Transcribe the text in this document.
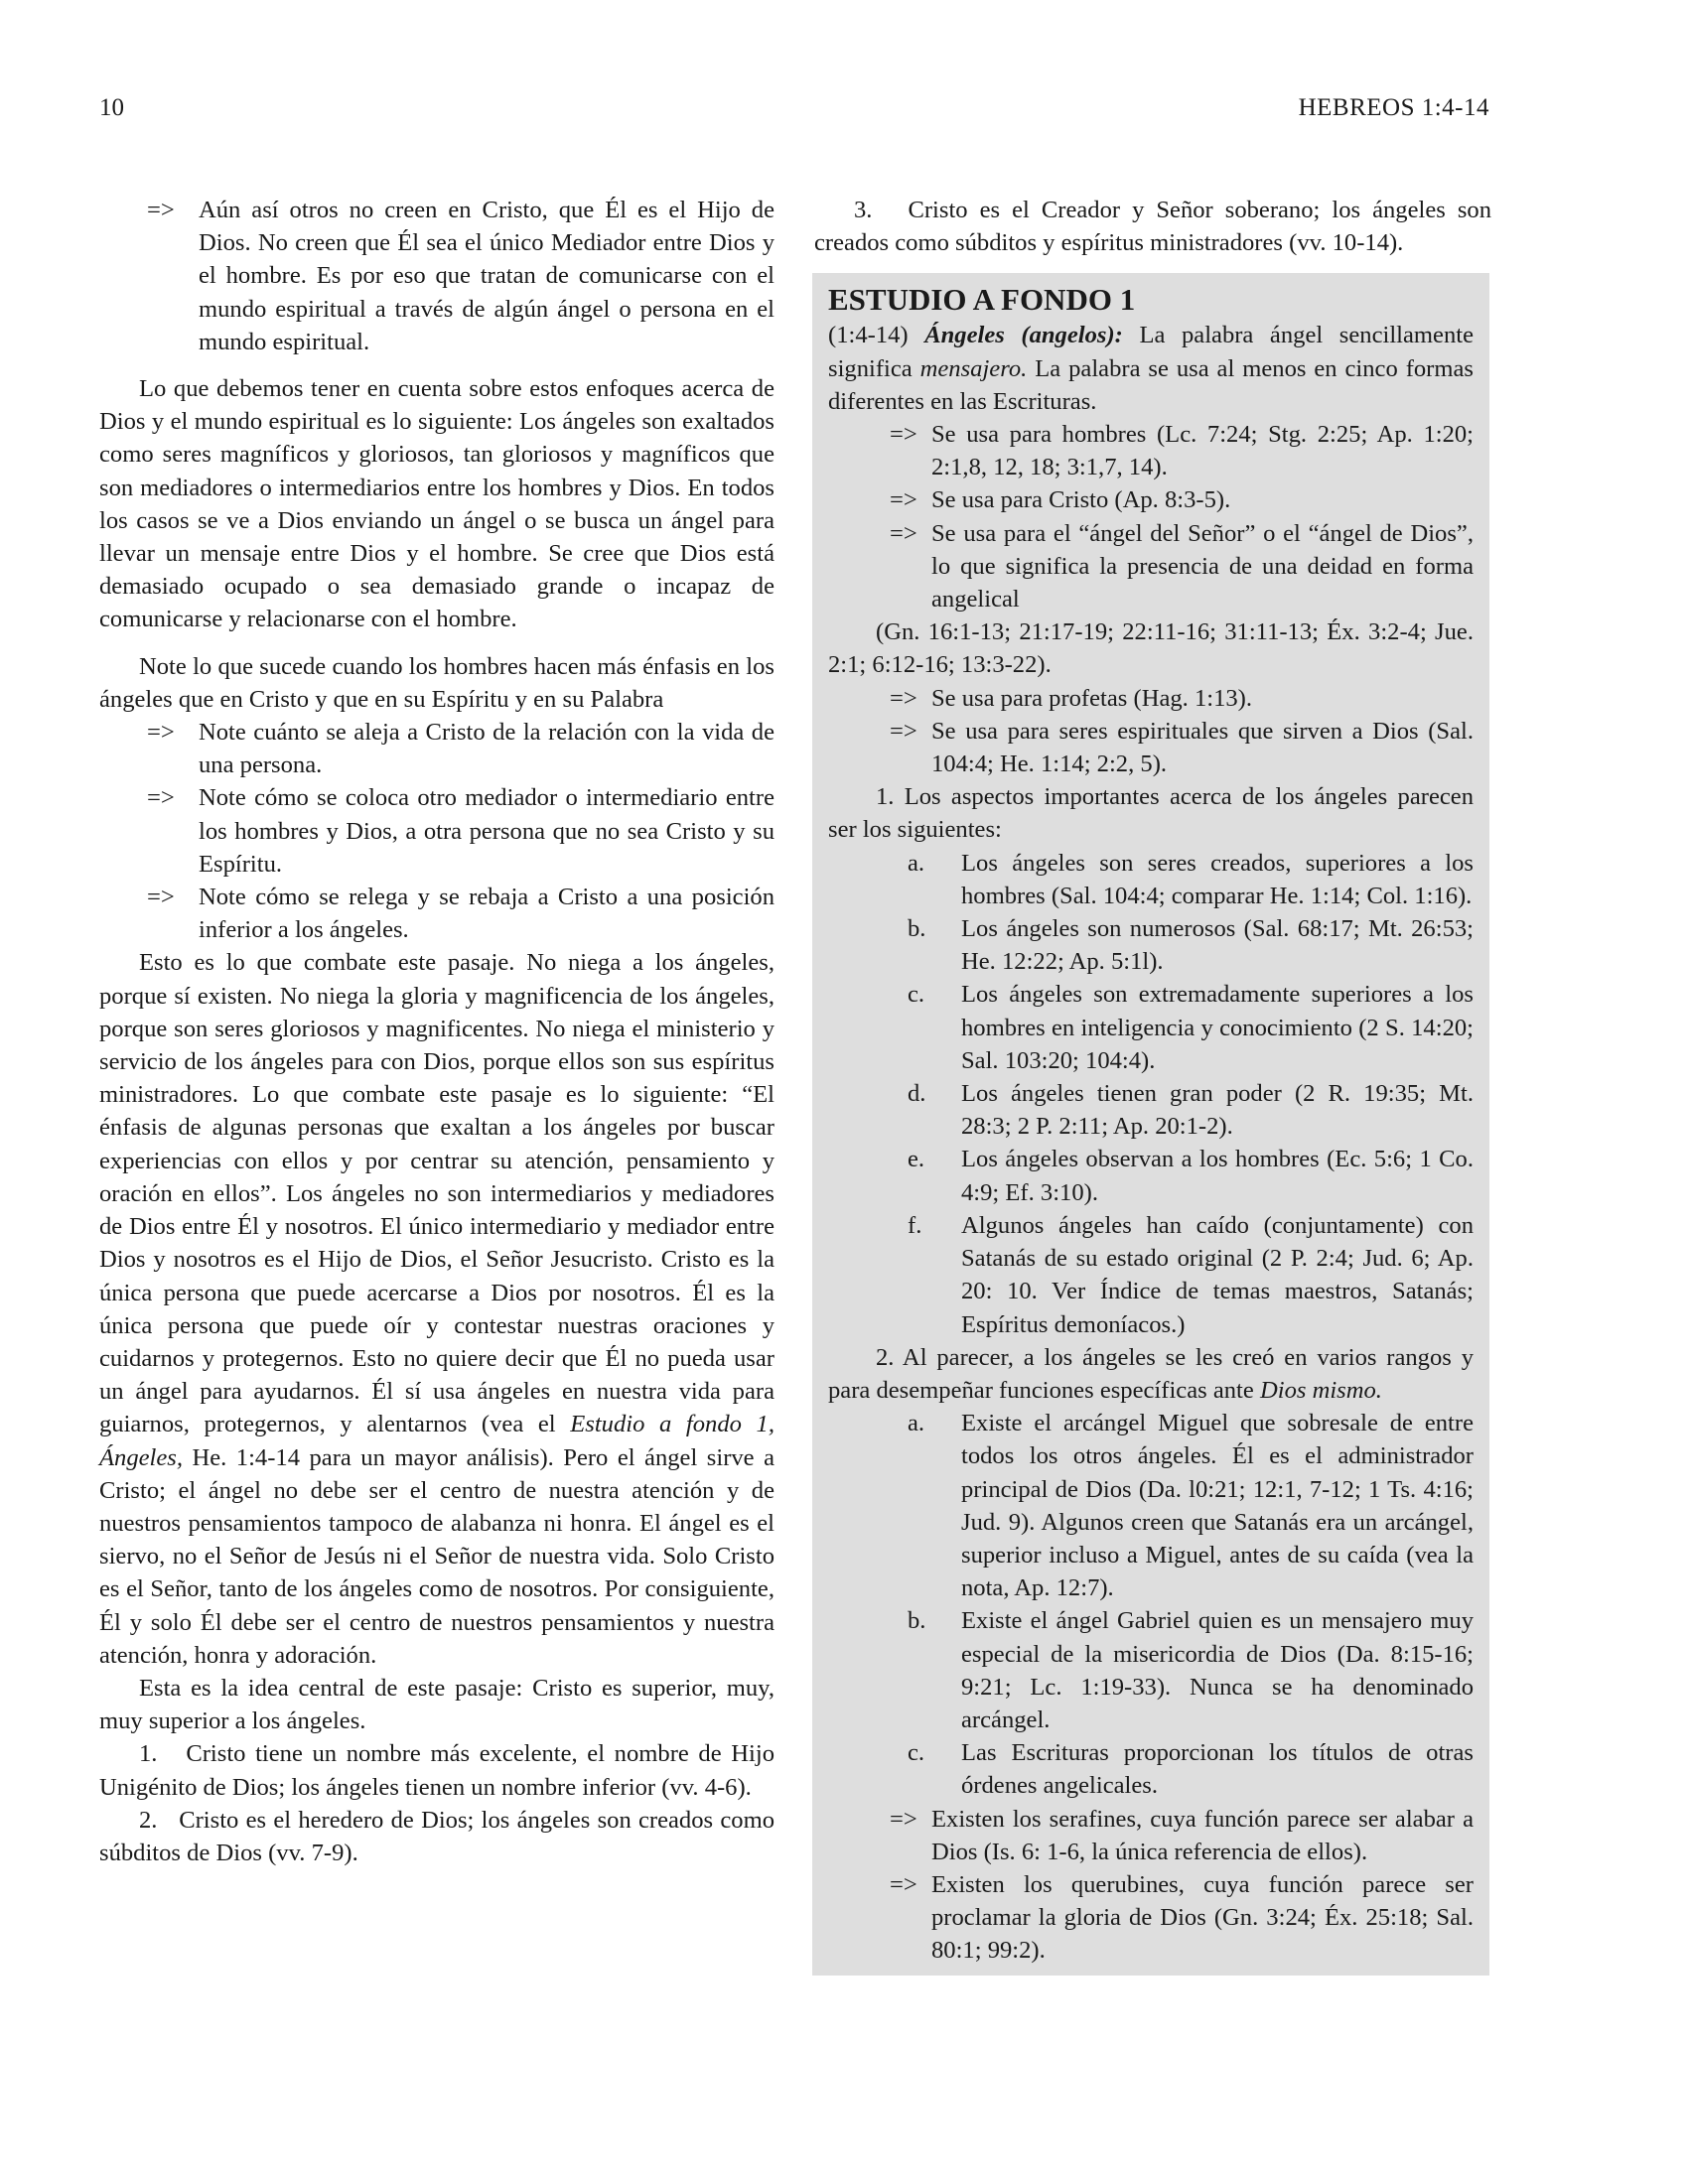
10	HEBREOS 1:4-14
=> Aún así otros no creen en Cristo, que Él es el Hijo de Dios. No creen que Él sea el único Mediador entre Dios y el hombre. Es por eso que tratan de comunicarse con el mundo espiritual a través de algún ángel o persona en el mundo espiritual.

Lo que debemos tener en cuenta sobre estos enfoques acerca de Dios y el mundo espiritual es lo siguiente: Los ángeles son exaltados como seres magníficos y gloriosos, tan gloriosos y magníficos que son mediadores o intermediarios entre los hombres y Dios. En todos los casos se ve a Dios enviando un ángel o se busca un ángel para llevar un mensaje entre Dios y el hombre. Se cree que Dios está demasiado ocupado o sea demasiado grande o incapaz de comunicarse y relacionarse con el hombre.

Note lo que sucede cuando los hombres hacen más énfasis en los ángeles que en Cristo y que en su Espíritu y en su Palabra

=> Note cuánto se aleja a Cristo de la relación con la vida de una persona.
=> Note cómo se coloca otro mediador o intermediario entre los hombres y Dios, a otra persona que no sea Cristo y su Espíritu.
=> Note cómo se relega y se rebaja a Cristo a una posición inferior a los ángeles.

Esto es lo que combate este pasaje. No niega a los ángeles, porque sí existen. No niega la gloria y magnificencia de los ángeles, porque son seres gloriosos y magnificentes. No niega el ministerio y servicio de los ángeles para con Dios, porque ellos son sus espíritus ministradores. Lo que combate este pasaje es lo siguiente: “El énfasis de algunas personas que exaltan a los ángeles por buscar experiencias con ellos y por centrar su atención, pensamiento y oración en ellos”. Los ángeles no son intermediarios y mediadores de Dios entre Él y nosotros. El único intermediario y mediador entre Dios y nosotros es el Hijo de Dios, el Señor Jesucristo. Cristo es la única persona que puede acercarse a Dios por nosotros. Él es la única persona que puede oír y contestar nuestras oraciones y cuidarnos y protegernos. Esto no quiere decir que Él no pueda usar un ángel para ayudarnos. Él sí usa ángeles en nuestra vida para guiarnos, protegernos, y alentarnos (vea el Estudio a fondo 1, Ángeles, He. 1:4-14 para un mayor análisis). Pero el ángel sirve a Cristo; el ángel no debe ser el centro de nuestra atención y de nuestros pensamientos tampoco de alabanza ni honra. El ángel es el siervo, no el Señor de Jesús ni el Señor de nuestra vida. Solo Cristo es el Señor, tanto de los ángeles como de nosotros. Por consiguiente, Él y solo Él debe ser el centro de nuestros pensamientos y nuestra atención, honra y adoración.

Esta es la idea central de este pasaje: Cristo es superior, muy, muy superior a los ángeles.

1.   Cristo tiene un nombre más excelente, el nombre de Hijo Unigénito de Dios; los ángeles tienen un nombre inferior (vv. 4-6).

2.   Cristo es el heredero de Dios; los ángeles son creados como súbditos de Dios (vv. 7-9).

3.   Cristo es el Creador y Señor soberano; los ángeles son creados como súbditos y espíritus ministradores (vv. 10-14).

ESTUDIO A FONDO 1

(1:4-14) Ángeles (angelos): La palabra ángel sencillamente significa mensajero. La palabra se usa al menos en cinco formas diferentes en las Escrituras.

=> Se usa para hombres (Lc. 7:24; Stg. 2:25; Ap. 1:20; 2:1,8, 12, 18; 3:1,7, 14).
=> Se usa para Cristo (Ap. 8:3-5).
=> Se usa para el “ángel del Señor” o el “ángel de Dios”, lo que significa la presencia de una deidad en forma angelical

(Gn. 16:1-13; 21:17-19; 22:11-16; 31:11-13; Éx. 3:2-4; Jue. 2:1; 6:12-16; 13:3-22).

=> Se usa para profetas (Hag. 1:13).
=> Se usa para seres espirituales que sirven a Dios (Sal. 104:4; He. 1:14; 2:2, 5).

1. Los aspectos importantes acerca de los ángeles parecen ser los siguientes:

a. Los ángeles son seres creados, superiores a los hombres (Sal. 104:4; comparar He. 1:14; Col. 1:16).
b. Los ángeles son numerosos (Sal. 68:17; Mt. 26:53; He. 12:22; Ap. 5:1l).
c. Los ángeles son extremadamente superiores a los hombres en inteligencia y conocimiento (2 S. 14:20; Sal. 103:20; 104:4).
d. Los ángeles tienen gran poder (2 R. 19:35; Mt. 28:3; 2 P. 2:11; Ap. 20:1-2).
e. Los ángeles observan a los hombres (Ec. 5:6; 1 Co. 4:9; Ef. 3:10).
f. Algunos ángeles han caído (conjuntamente) con Satanás de su estado original (2 P. 2:4; Jud. 6; Ap. 20: 10. Ver Índice de temas maestros, Satanás; Espíritus demoníacos.)

2. Al parecer, a los ángeles se les creó en varios rangos y para desempeñar funciones específicas ante Dios mismo.

a. Existe el arcángel Miguel que sobresale de entre todos los otros ángeles. Él es el administrador principal de Dios (Da. l0:21; 12:1, 7-12; 1 Ts. 4:16; Jud. 9). Algunos creen que Satanás era un arcángel, superior incluso a Miguel, antes de su caída (vea la nota, Ap. 12:7).
b. Existe el ángel Gabriel quien es un mensajero muy especial de la misericordia de Dios (Da. 8:15-16; 9:21; Lc. 1:19-33). Nunca se ha denominado arcángel.
c. Las Escrituras proporcionan los títulos de otras órdenes angelicales.
=> Existen los serafines, cuya función parece ser alabar a Dios (Is. 6: 1-6, la única referencia de ellos).
=> Existen los querubines, cuya función parece ser proclamar la gloria de Dios (Gn. 3:24; Éx. 25:18; Sal. 80:1; 99:2).
